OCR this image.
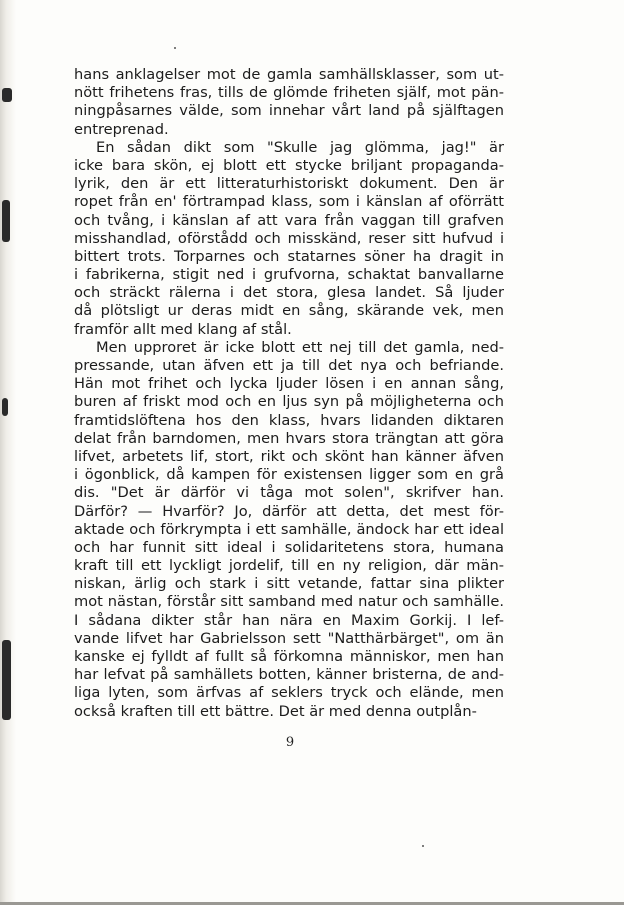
hans anklagelser mot de gamla samhällsklasser, som ut-
nött frihetens fras, tills de glömde friheten själf, mot pän-
ningpåsarnes välde, som innehar vårt land på själftagen
entreprenad.
En sådan dikt som "Skulle jag glömma, jag!" är
icke bara skön, ej blott ett stycke briljant propaganda-
lyrik, den är ett litteraturhistoriskt dokument. Den är
ropet från en' förtrampad klass, som i känslan af oförrätt
och tvång, i känslan af att vara från vaggan till grafven
misshandlad, oförstådd och misskänd, reser sitt hufvud i
bittert trots. Torparnes och statarnes söner ha dragit in
i fabrikerna, stigit ned i grufvorna, schaktat banvallarne
och sträckt rälerna i det stora, glesa landet. Så ljuder
då plötsligt ur deras midt en sång, skärande vek, men
framför allt med klang af stål.
Men upproret är icke blott ett nej till det gamla, ned-
pressande, utan äfven ett ja till det nya och befriande.
Hän mot frihet och lycka ljuder lösen i en annan sång,
buren af friskt mod och en ljus syn på möjligheterna och
framtidslöftena hos den klass, hvars lidanden diktaren
delat från barndomen, men hvars stora trängtan att göra
lifvet, arbetets lif, stort, rikt och skönt han känner äfven
i ögonblick, då kampen för existensen ligger som en grå
dis. "Det är därför vi tåga mot solen", skrifver han.
Därför? — Hvarför? Jo, därför att detta, det mest för-
aktade och förkrympta i ett samhälle, ändock har ett ideal
och har funnit sitt ideal i solidaritetens stora, humana
kraft till ett lyckligt jordelif, till en ny religion, där män-
niskan, ärlig och stark i sitt vetande, fattar sina plikter
mot nästan, förstår sitt samband med natur och samhälle.
I sådana dikter står han nära en Maxim Gorkij. I lef-
vande lifvet har Gabrielsson sett "Natthärbärget", om än
kanske ej fylldt af fullt så förkomna människor, men han
har lefvat på samhällets botten, känner bristerna, de and-
liga lyten, som ärfvas af seklers tryck och elände, men
också kraften till ett bättre. Det är med denna outplån-
9
